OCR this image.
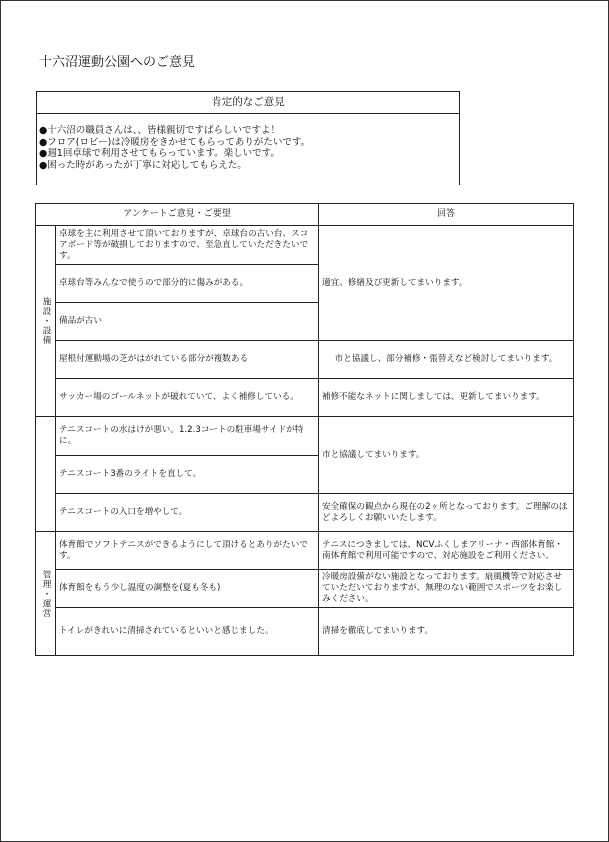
十六沼運動公園へのご意見
肯定的なご意見
●十六沼の職員さんは、、皆様親切ですばらしいですよ！
●フロア(ロビー)は冷暖房をきかせてもらってありがたいです。
●週1回卓球で利用させてもらっています。楽しいです。
●困った時があったが丁寧に対応してもらえた。
アンケートご意見・ご要望		回答
施設・設備	卓球を主に利用させて頂いておりますが、卓球台の古い台、スコアボード等が破損しておりますので、至急直していただきたいです。	適宜、修繕及び更新してまいります。
	卓球台等みんなで使うので部分的に傷みがある。	
	備品が古い	
	屋根付運動場の芝がはがれている部分が複数ある	市と協議し、部分補修・張替えなど検討してまいります。
	サッカー場のゴールネットが破れていて、よく補修している。	補修不能なネットに関しましては、更新してまいります。
	テニスコートの水はけが悪い。1.2.3コートの駐車場サイドが特に。	市と協議してまいります。
	テニスコート3番のライトを直して。	
	テニスコートの入口を増やして。	安全確保の観点から現在の2ヶ所となっております。ご理解のほどよろしくお願いいたします。
管理・運営	体育館でソフトテニスができるようにして頂けるとありがたいです。	テニスにつきましては、NCVふくしまアリーナ・西部体育館・南体育館で利用可能ですので、対応施設をご利用ください。
	体育館をもう少し温度の調整を(夏も冬も)	冷暖房設備がない施設となっております。扇風機等で対応させていただいておりますが、無理のない範囲でスポーツをお楽しみください。
	トイレがきれいに清掃されているといいと感じました。	清掃を徹底してまいります。
